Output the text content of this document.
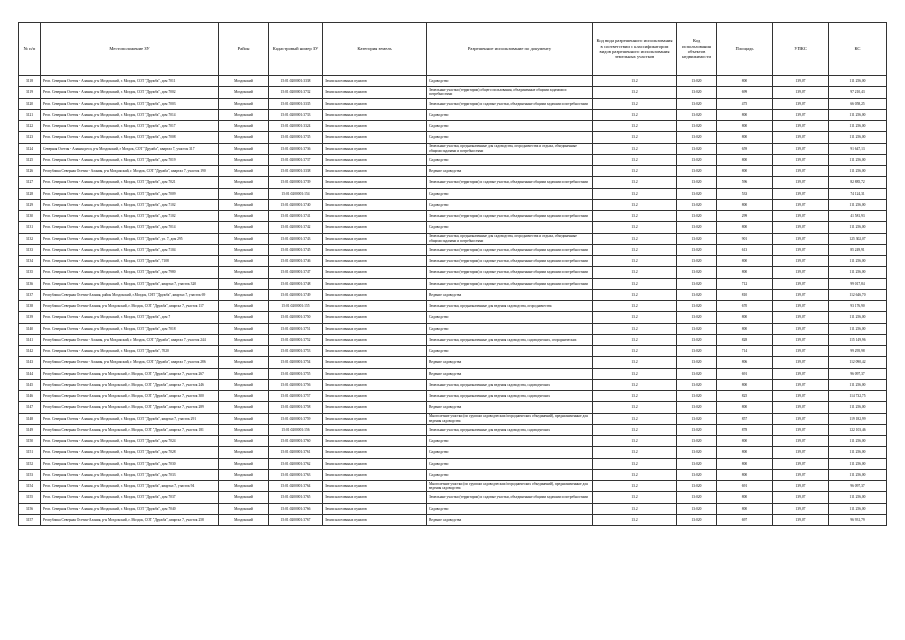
№ п/п	Местоположение ЗУ	Район	Кадастровый номер ЗУ	Категория земель	Разрешенное использование по документу	Код вида разрешенного использования в соответствии с классификатором видов разрешенного использования земельных участков	Код использования объектов недвижимости	Площадь	УПКС	КС
3118	Респ. Северная Осетия - Алания, р-н Моздокский, г. Моздок, СОТ "Дружба", дом 7011	Моздокский	15:01:0200001:3338	Земли населенных пунктов	Садоводство	13.2	13:020	800	139,07	111 256,00
3119	Респ. Северная Осетия - Алания, р-н Моздокский, г. Моздок, СОТ "Дружба", дом 7002	Моздокский	15:01:0200001:3732	Земли населенных пунктов	Земельные участки (территории) общего пользования, объединенные общими задачами и потребностями	13.2	13:020	699	139,07	97 210,43
3120	Респ. Северная Осетия - Алания, р-н Моздокский, г. Моздок, СОТ "Дружба", дом 7003	Моздокский	15:01:0200001:3335	Земли населенных пунктов	Земельные участки (территории) и садовые участки, объединенные общими задачами и потребностями	13.2	13:020	475	139,07	66 058,25
3121	Респ. Северная Осетия - Алания, р-н Моздокский, г. Моздок, СОТ "Дружба", дом 7014	Моздокский	15:01:0200001:3733	Земли населенных пунктов	Садоводство	13.2	13:020	800	139,07	111 256,00
3122	Респ. Северная Осетия - Алания, р-н Моздокский, г. Моздок, СОТ "Дружба", дом 7017	Моздокский	15:01:0200001:3324	Земли населенных пунктов	Садоводство	13.2	13:020	800	139,07	111 256,00
3123	Респ. Северная Осетия - Алания, р-н Моздокский, г. Моздок, СОТ "Дружба", дом 7008	Моздокский	15:01:0200001:3735	Земли населенных пунктов	Садоводство	13.2	13:020	800	139,07	111 256,00
3124	Северная Осетия - Алания респ, р-н Моздокский, г Моздок, СОТ "Дружба", квартал 7, участок 317	Моздокский	15:01:0200001:3736	Земли населенных пунктов	Земельные участки, предназначенные для садоводства, огородничества и отдыха, объединенные общими задачами и потребностями	13.2	13:020	659	139,07	91 647,13
3125	Респ. Северная Осетия - Алания, р-н Моздокский, г. Моздок, СОТ "Дружба", дом 7019	Моздокский	15:01:0200001:3737	Земли населенных пунктов	Садоводство	13.2	13:020	800	139,07	111 256,00
3126	Республика Северная Осетия - Алания, р-н Моздокский, г. Моздок, СОТ "Дружба", квартал 7, участок 190	Моздокский	15:01:0200001:3338	Земли населенных пунктов	Ведение садоводства	13.2	13:020	800	139,07	111 256,00
3127	Респ. Северная Осетия - Алания, р-н Моздокский, г. Моздок, СОТ "Дружба", дом 7021	Моздокский	15:01:0200001:3739	Земли населенных пунктов	Земельные участки (территории) и садовые участки, объединенные общими задачами и потребностями	13.2	13:020	596	139,07	82 885,72
3128	Респ. Северная Осетия - Алания, р-н Моздокский, г. Моздок, СОТ "Дружба", дом 7009	Моздокский	15:01:0200001:154	Земли населенных пунктов	Садоводство	13.2	13:020	533	139,07	74 124,31
3129	Респ. Северная Осетия - Алания, р-н Моздокский, г. Моздок, СОТ "Дружба", дом 7102	Моздокский	15:01:0200001:3740	Земли населенных пунктов	Садоводство	13.2	13:020	800	139,07	111 256,00
3130	Респ. Северная Осетия - Алания, р-н Моздокский, г. Моздок, СОТ "Дружба", дом 7102	Моздокский	15:01:0200001:3741	Земли населенных пунктов	Земельные участки (территории) и садовые участки, объединенные общими задачами и потребностями	13.2	13:020	299	139,07	41 581,93
3131	Респ. Северная Осетия - Алания, р-н Моздокский, г. Моздок, СОТ "Дружба", дом 7014	Моздокский	15:01:0200001:3742	Земли населенных пунктов	Садоводство	13.2	13:020	800	139,07	111 256,00
3132	Респ. Северная Осетия - Алания, р-н Моздокский, г. Моздок, СОТ "Дружба", ул. 7, дом 295	Моздокский	15:01:0200001:3743	Земли населенных пунктов	Земельные участки, предназначенные для садоводства, огородничества и отдыха, объединенные общими задачами и потребностями	13.2	13:020	901	139,07	125 302,07
3133	Респ. Северная Осетия - Алания, р-н Моздокский, г. Моздок, СОТ "Дружба", дом 7104	Моздокский	15:01:0200001:3745	Земли населенных пунктов	Земельные участки (территории) и садовые участки, объединенные общими задачами и потребностями	13.2	13:020	613	139,07	85 249,91
3134	Респ. Северная Осетия - Алания, р-н Моздокский, г. Моздок, СОТ "Дружба", 7108	Моздокский	15:01:0200001:3746	Земли населенных пунктов	Земельные участки (территории) и садовые участки, объединенные общими задачами и потребностями	13.2	13:020	800	139,07	111 256,00
3135	Респ. Северная Осетия - Алания, р-н Моздокский, г. Моздок, СОТ "Дружба", дом 7980	Моздокский	15:01:0200001:3747	Земли населенных пунктов	Земельные участки (территории) и садовые участки, объединенные общими задачами и потребностями	13.2	13:020	800	139,07	111 256,00
3136	Респ. Северная Осетия - Алания, р-н Моздокский, г. Моздок, СОТ "Дружба", квартал 7, участок 320	Моздокский	15:01:0200001:3748	Земли населенных пунктов	Земельные участки (территории) и садовые участки, объединенные общими задачами и потребностями	13.2	13:020	712	139,07	99 017,84
3137	Республика Северная Осетия-Алания, район Моздокский, г.Моздок, СНТ "Дружба", квартал 7, участок 69	Моздокский	15:01:0200001:3749	Земли населенных пунктов	Ведение садоводства	13.2	13:020	810	139,07	112 646,70
3138	Республика Северная Осетия-Алания, р-н Моздокский, г. Моздок, СОТ "Дружба", квартал 7, участок 117	Моздокский	15:01:0200001:155	Земли населенных пунктов	Земельные участки, предназначенные для ведения садоводства, огородничества	13.2	13:020	670	139,07	93 176,90
3139	Респ. Северная Осетия - Алания, р-н Моздокский, г. Моздок, СОТ "Дружба", дом 7	Моздокский	15:01:0200001:3750	Земли населенных пунктов	Садоводство	13.2	13:020	800	139,07	111 256,00
3140	Респ. Северная Осетия - Алания, р-н Моздокский, г. Моздок, СОТ "Дружба", дом 7018	Моздокский	15:01:0200001:3751	Земли населенных пунктов	Садоводство	13.2	13:020	800	139,07	111 256,00
3141	Республика Северная Осетия - Алания, р-н Моздокский, г. Моздок, СОТ "Дружба", квартал 7, участок 244	Моздокский	15:01:0200001:3752	Земли населенных пунктов	Земельные участки, предназначенные для ведения садоводства, садоводческих, огороднических	13.2	13:020	828	139,07	115 149,96
3142	Респ. Северная Осетия - Алания, р-н Моздокский, г. Моздок, СОТ "Дружба", 7020	Моздокский	15:01:0200001:3753	Земли населенных пунктов	Садоводство	13.2	13:020	714	139,07	99 295,98
3143	Республика Северная Осетия - Алания, р-н Моздокский, г. Моздок, СОТ "Дружба", квартал 7, участок 286	Моздокский	15:01:0200001:3754	Земли населенных пунктов	Ведение садоводства	13.2	13:020	806	139,07	112 090,42
3144	Республика Северная Осетия-Алания, р-н Моздокский, г. Моздок, СОТ "Дружба", квартал 7, участок 267	Моздокский	15:01:0200001:3755	Земли населенных пунктов	Ведение садоводства	13.2	13:020	691	139,07	96 097,37
3145	Республика Северная Осетия-Алания, р-н Моздокский, г. Моздок, СОТ "Дружба", квартал 7, участок 246	Моздокский	15:01:0200001:3756	Земли населенных пунктов	Земельные участки, предназначенные для ведения садоводства, садоводческих	13.2	13:020	800	139,07	111 256,00
3146	Республика Северная Осетия-Алания, р-н Моздокский, г. Моздок, СОТ "Дружба", квартал 7, участок 300	Моздокский	15:01:0200001:3757	Земли населенных пунктов	Земельные участки, предназначенные для ведения садоводства, садоводческих	13.2	13:020	825	139,07	114 732,75
3147	Республика Северная Осетия-Алания, р-н Моздокский, г. Моздок, СОТ "Дружба", квартал 7, участок 289	Моздокский	15:01:0200001:3758	Земли населенных пунктов	Ведение садоводства	13.2	13:020	800	139,07	111 256,00
3148	Респ. Северная Осетия - Алания, р-н Моздокский, г. Моздок, СОТ "Дружба", квартал 7, участок 291	Моздокский	15:01:0200001:3759	Земли населенных пунктов	Многолетние участки (по группам садоводческих/огороднических объединений), предназначенные для ведения садоводства	13.2	13:020	857	139,07	119 182,99
3149	Республика Северная Осетия-Алания, р-н Моздокский, г. Моздок, СОТ "Дружба", квартал 7, участок 181	Моздокский	15:01:0200001:156	Земли населенных пунктов	Земельные участки, предназначенные для ведения садоводства, садоводческих	13.2	13:020	878	139,07	122 103,46
3150	Респ. Северная Осетия - Алания, р-н Моздокский, г. Моздок, СОТ "Дружба", дом 7024	Моздокский	15:01:0200001:3760	Земли населенных пунктов	Садоводство	13.2	13:020	800	139,07	111 256,00
3151	Респ. Северная Осетия - Алания, р-н Моздокский, г. Моздок, СОТ "Дружба", дом 7028	Моздокский	15:01:0200001:3761	Земли населенных пунктов	Садоводство	13.2	13:020	800	139,07	111 256,00
3152	Респ. Северная Осетия - Алания, р-н Моздокский, г. Моздок, СОТ "Дружба", дом 7030	Моздокский	15:01:0200001:3762	Земли населенных пунктов	Садоводство	13.2	13:020	800	139,07	111 256,00
3153	Респ. Северная Осетия - Алания, р-н Моздокский, г. Моздок, СОТ "Дружба", дом 7033	Моздокский	15:01:0200001:3763	Земли населенных пунктов	Садоводство	13.2	13:020	800	139,07	111 256,00
3154	Респ. Северная Осетия - Алания, р-н Моздокский, г. Моздок, СОТ "Дружба", квартал 7, участок 94	Моздокский	15:01:0200001:3764	Земли населенных пунктов	Многолетние участки (по группам садоводческих/огороднических объединений), предназначенные для ведения садоводства	13.2	13:020	691	139,07	96 097,37
3155	Респ. Северная Осетия - Алания, р-н Моздокский, г. Моздок, СОТ "Дружба", дом 7037	Моздокский	15:01:0200001:3765	Земли населенных пунктов	Земельные участки (территории) и садовые участки, объединенные общими задачами и потребностями	13.2	13:020	800	139,07	111 256,00
3156	Респ. Северная Осетия - Алания, р-н Моздокский, г. Моздок, СОТ "Дружба", дом 7040	Моздокский	15:01:0200001:3766	Земли населенных пунктов	Садоводство	13.2	13:020	800	139,07	111 256,00
3157	Республика Северная Осетия-Алания, р-н Моздокский, г. Моздок, СОТ "Дружба", квартал 7, участок 258	Моздокский	15:01:0200001:3767	Земли населенных пунктов	Ведение садоводства	13.2	13:020	697	139,07	96 931,79
